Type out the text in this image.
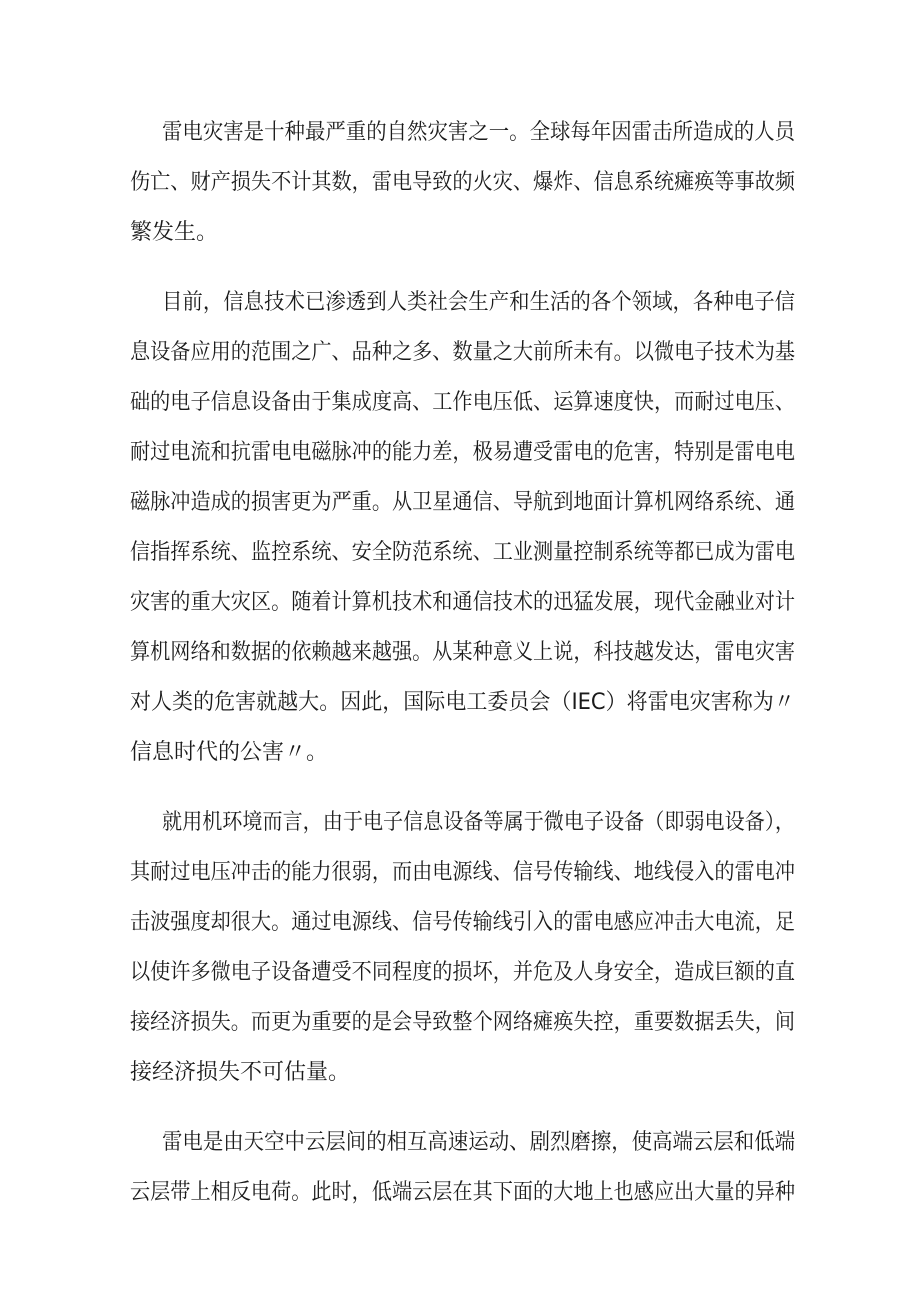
雷电灾害是十种最严重的自然灾害之一。全球每年因雷击所造成的人员
伤亡、财产损失不计其数，雷电导致的火灾、爆炸、信息系统瘫痪等事故频
繁发生。
目前，信息技术已渗透到人类社会生产和生活的各个领域，各种电子信
息设备应用的范围之广、品种之多、数量之大前所未有。以微电子技术为基
础的电子信息设备由于集成度高、工作电压低、运算速度快，而耐过电压、
耐过电流和抗雷电电磁脉冲的能力差，极易遭受雷电的危害，特别是雷电电
磁脉冲造成的损害更为严重。从卫星通信、导航到地面计算机网络系统、通
信指挥系统、监控系统、安全防范系统、工业测量控制系统等都已成为雷电
灾害的重大灾区。随着计算机技术和通信技术的迅猛发展，现代金融业对计
算机网络和数据的依赖越来越强。从某种意义上说，科技越发达，雷电灾害
对人类的危害就越大。因此，国际电工委员会（IEC）将雷电灾害称为〃
信息时代的公害〃。
就用机环境而言，由于电子信息设备等属于微电子设备（即弱电设备），
其耐过电压冲击的能力很弱，而由电源线、信号传输线、地线侵入的雷电冲
击波强度却很大。通过电源线、信号传输线引入的雷电感应冲击大电流，足
以使许多微电子设备遭受不同程度的损坏，并危及人身安全，造成巨额的直
接经济损失。而更为重要的是会导致整个网络瘫痪失控，重要数据丢失，间
接经济损失不可估量。
雷电是由天空中云层间的相互高速运动、剧烈磨擦，使高端云层和低端
云层带上相反电荷。此时，低端云层在其下面的大地上也感应出大量的异种
